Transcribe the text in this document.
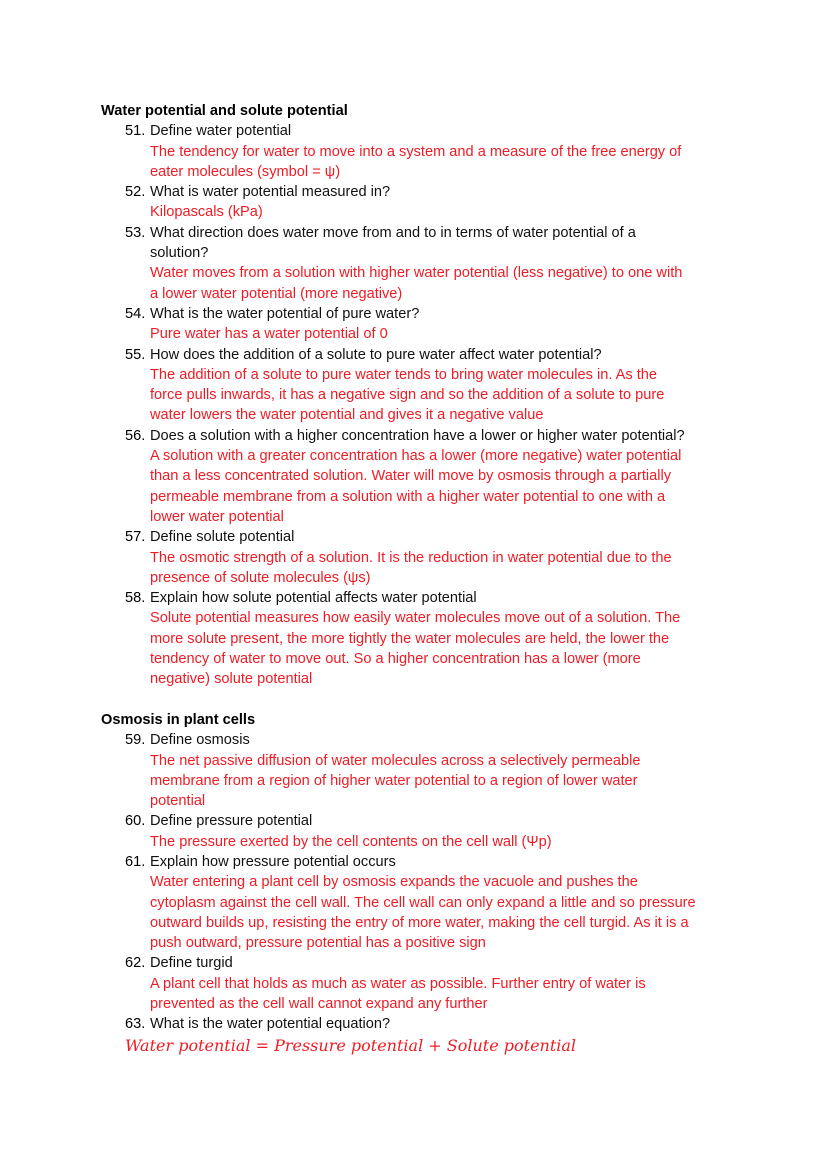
Water potential and solute potential
51. Define water potential
The tendency for water to move into a system and a measure of the free energy of
eater molecules (symbol = ψ)
52. What is water potential measured in?
Kilopascals (kPa)
53. What direction does water move from and to in terms of water potential of a
solution?
Water moves from a solution with higher water potential (less negative) to one with
a lower water potential (more negative)
54. What is the water potential of pure water?
Pure water has a water potential of 0
55. How does the addition of a solute to pure water affect water potential?
The addition of a solute to pure water tends to bring water molecules in. As the
force pulls inwards, it has a negative sign and so the addition of a solute to pure
water lowers the water potential and gives it a negative value
56. Does a solution with a higher concentration have a lower or higher water potential?
A solution with a greater concentration has a lower (more negative) water potential
than a less concentrated solution. Water will move by osmosis through a partially
permeable membrane from a solution with a higher water potential to one with a
lower water potential
57. Define solute potential
The osmotic strength of a solution. It is the reduction in water potential due to the
presence of solute molecules (ψs)
58. Explain how solute potential affects water potential
Solute potential measures how easily water molecules move out of a solution. The
more solute present, the more tightly the water molecules are held, the lower the
tendency of water to move out. So a higher concentration has a lower (more
negative) solute potential
Osmosis in plant cells
59. Define osmosis
The net passive diffusion of water molecules across a selectively permeable
membrane from a region of higher water potential to a region of lower water
potential
60. Define pressure potential
The pressure exerted by the cell contents on the cell wall (Ψp)
61. Explain how pressure potential occurs
Water entering a plant cell by osmosis expands the vacuole and pushes the
cytoplasm against the cell wall. The cell wall can only expand a little and so pressure
outward builds up, resisting the entry of more water, making the cell turgid. As it is a
push outward, pressure potential has a positive sign
62. Define turgid
A plant cell that holds as much as water as possible. Further entry of water is
prevented as the cell wall cannot expand any further
63. What is the water potential equation?
Water potential = Pressure potential + Solute potential
